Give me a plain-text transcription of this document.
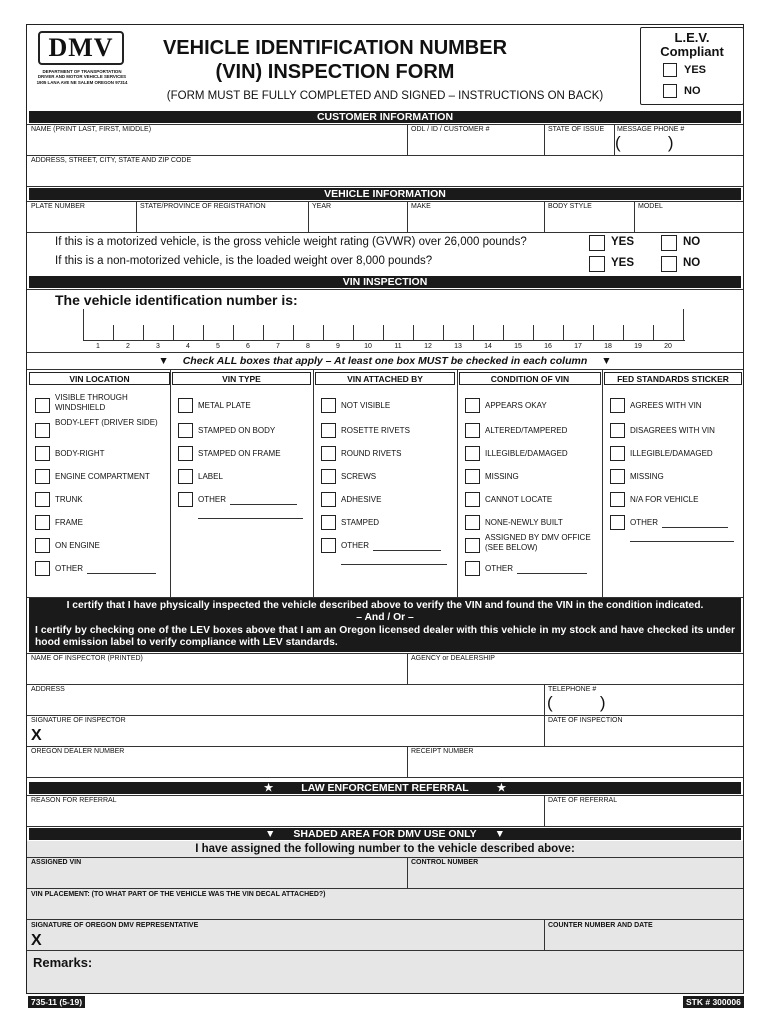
DMV
DEPARTMENT OF TRANSPORTATION
DRIVER AND MOTOR VEHICLE SERVICES
1905 LANA AVE NE SALEM OREGON 97314
VEHICLE IDENTIFICATION NUMBER
(VIN) INSPECTION FORM
(FORM MUST BE FULLY COMPLETED AND SIGNED – INSTRUCTIONS ON BACK)
L.E.V.
Compliant
YES
NO
CUSTOMER INFORMATION
NAME (PRINT LAST, FIRST, MIDDLE)	ODL / ID / CUSTOMER #	STATE OF ISSUE MESSAGE PHONE #
(          )
ADDRESS, STREET, CITY, STATE AND ZIP CODE
VEHICLE INFORMATION
PLATE NUMBER	STATE/PROVINCE OF REGISTRATION	YEAR	MAKE	BODY STYLE	MODEL
If this is a motorized vehicle, is the gross vehicle weight rating (GVWR) over 26,000 pounds?	YES	NO
If this is a non-motorized vehicle, is the loaded weight over 8,000 pounds?	YES	NO
VIN INSPECTION
The vehicle identification number is:
1	2	3	4	5	6	7	8	9	10	11	12	13	14	15	16	17	18	19	20
▼ Check ALL boxes that apply – At least one box MUST be checked in each column ▼
I certify that I have physically inspected the vehicle described above to verify the VIN and found the VIN in the condition indicated.
– And / Or –
I certify by checking one of the LEV boxes above that I am an Oregon licensed dealer with this vehicle in my stock and have checked its under hood emission label to verify compliance with LEV standards.
NAME OF INSPECTOR (PRINTED)	AGENCY or DEALERSHIP
ADDRESS	TELEPHONE #
(          )
SIGNATURE OF INSPECTOR
X
DATE OF INSPECTION
OREGON DEALER NUMBER	RECEIPT NUMBER
★	LAW ENFORCEMENT REFERRAL	★
REASON FOR REFERRAL	DATE OF REFERRAL
▼ SHADED AREA FOR DMV USE ONLY ▼
I have assigned the following number to the vehicle described above:
ASSIGNED VIN	CONTROL NUMBER
VIN PLACEMENT: (TO WHAT PART OF THE VEHICLE WAS THE VIN DECAL ATTACHED?)
SIGNATURE OF OREGON DMV REPRESENTATIVE
X
COUNTER NUMBER AND DATE
Remarks:
VIN LOCATION
VISIBLE THROUGH WINDSHIELD
BODY-LEFT (DRIVER SIDE)
BODY-RIGHT
ENGINE COMPARTMENT
TRUNK
FRAME
ON ENGINE
OTHER
VIN TYPE
METAL PLATE
STAMPED ON BODY
STAMPED ON FRAME
LABEL
OTHER
VIN ATTACHED BY
NOT VISIBLE
ROSETTE RIVETS
ROUND RIVETS
SCREWS
ADHESIVE
STAMPED
OTHER
CONDITION OF VIN
APPEARS OKAY
ALTERED/TAMPERED
ILLEGIBLE/DAMAGED
MISSING
CANNOT LOCATE
NONE-NEWLY BUILT
ASSIGNED BY DMV OFFICE (SEE BELOW)
OTHER
FED STANDARDS STICKER
AGREES WITH VIN
DISAGREES WITH VIN
ILLEGIBLE/DAMAGED
MISSING
N/A FOR VEHICLE
OTHER
735-11 (5-19)	STK # 300006
